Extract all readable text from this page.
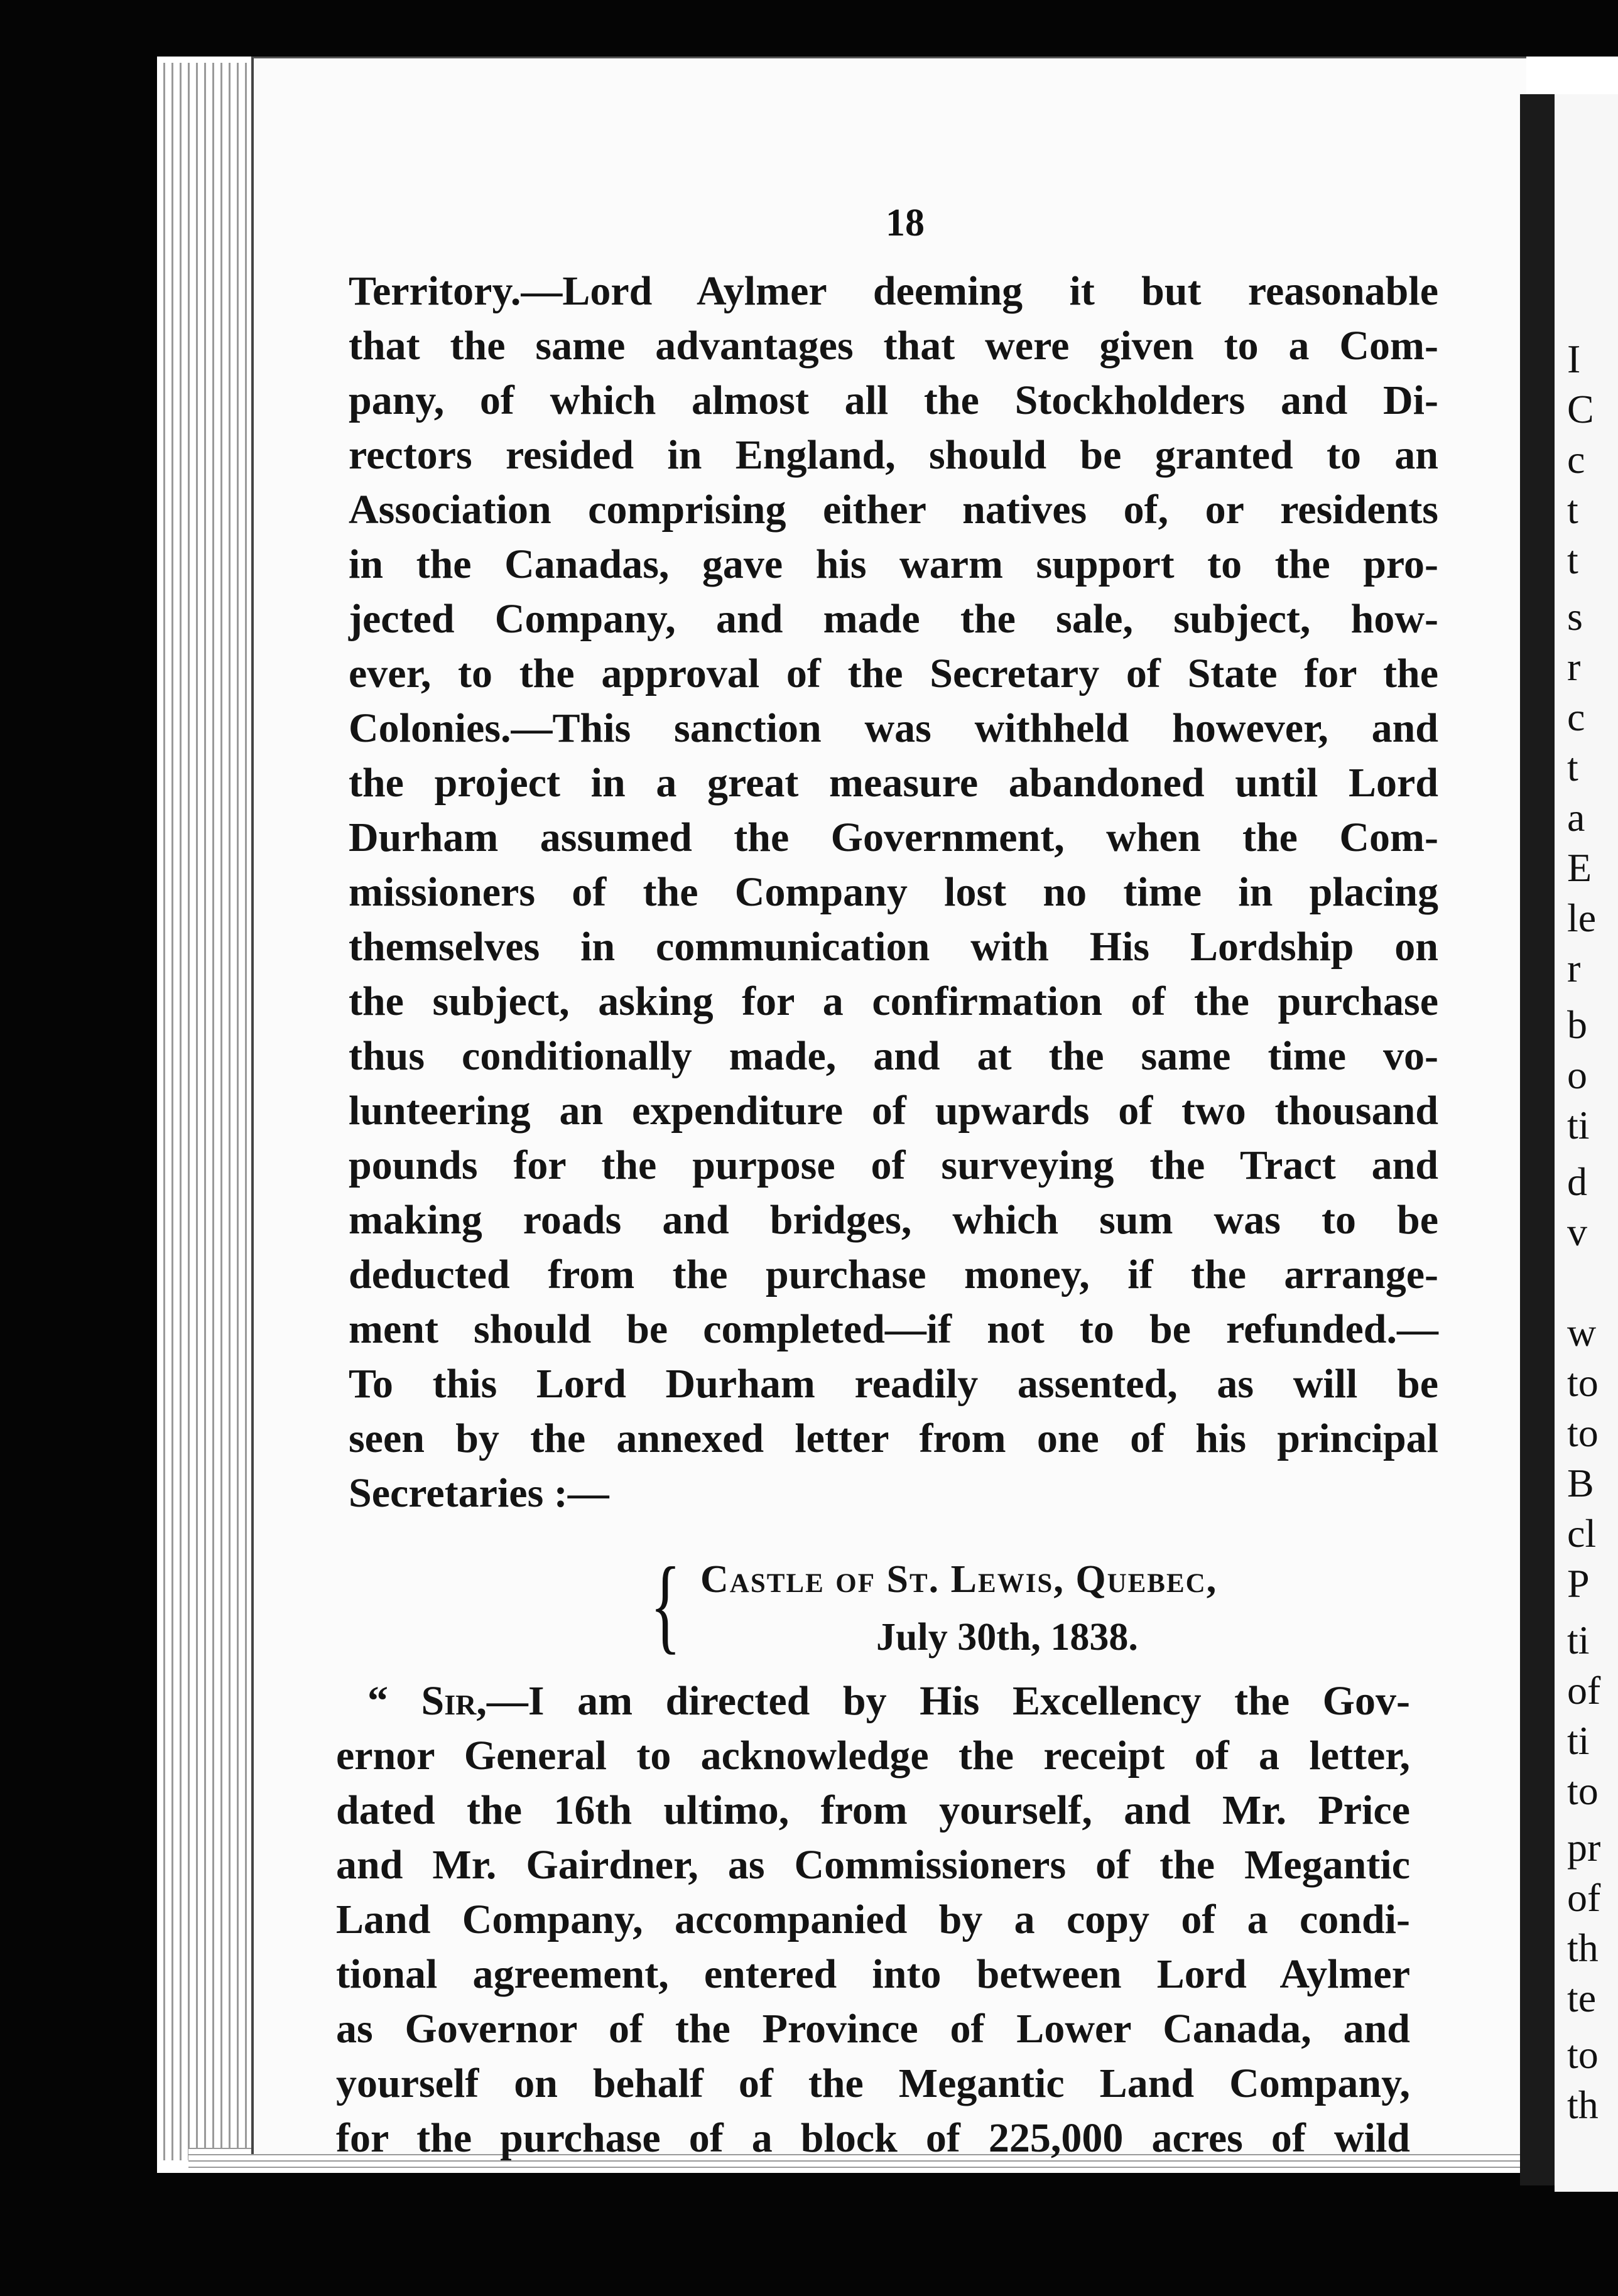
I
C
c
t
t
s
r
c
t
a
E
le
r
b
o
ti
d
v
w
to
to
B
cl
P
ti
of
ti
to
pr
of
th
te
to
th
18
Territory.—Lord Aylmer deeming it but reasonable
that the same advantages that were given to a Com-
pany, of which almost all the Stockholders and Di-
rectors resided in England, should be granted to an
Association comprising either natives of, or residents
in the Canadas, gave his warm support to the pro-
jected Company, and made the sale, subject, how-
ever, to the approval of the Secretary of State for the
Colonies.—This sanction was withheld however, and
the project in a great measure abandoned until Lord
Durham assumed the Government, when the Com-
missioners of the Company lost no time in placing
themselves in communication with His Lordship on
the subject, asking for a confirmation of the purchase
thus conditionally made, and at the same time vo-
lunteering an expenditure of upwards of two thousand
pounds for the purpose of surveying the Tract and
making roads and bridges, which sum was to be
deducted from the purchase money, if the arrange-
ment should be completed—if not to be refunded.—
To this Lord Durham readily assented, as will be
seen by the annexed letter from one of his principal
Secretaries :—
{ Castle of St. Lewis, Quebec,
July 30th, 1838.
“ Sir,—I am directed by His Excellency the Gov-
ernor General to acknowledge the receipt of a letter,
dated the 16th ultimo, from yourself, and Mr. Price
and Mr. Gairdner, as Commissioners of the Megantic
Land Company, accompanied by a copy of a condi-
tional agreement, entered into between Lord Aylmer
as Governor of the Province of Lower Canada, and
yourself on behalf of the Megantic Land Company,
for the purchase of a block of 225,000 acres of wild
